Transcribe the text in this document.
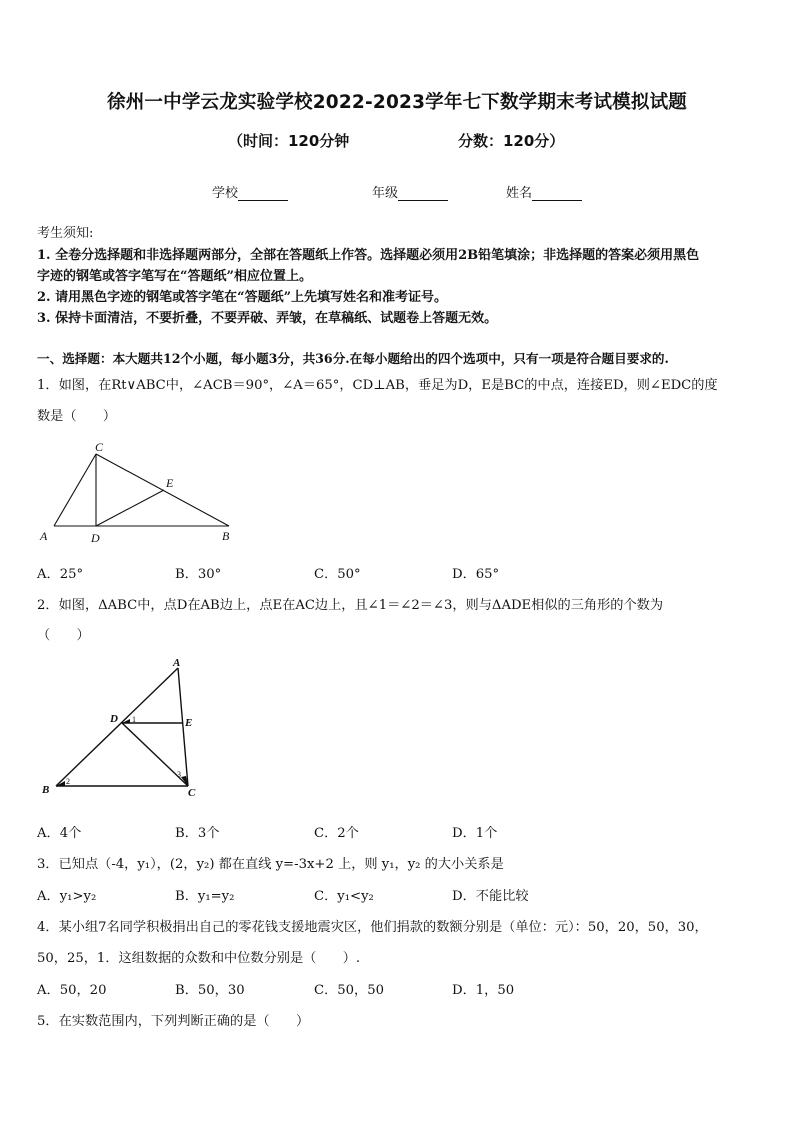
徐州一中学云龙实验学校2022-2023学年七下数学期末考试模拟试题
（时间：120分钟	分数：120分）
学校	年级	姓名
考生须知:
1. 全卷分选择题和非选择题两部分，全部在答题纸上作答。选择题必须用2B铅笔填涂；非选择题的答案必须用黑色
字迹的钢笔或答字笔写在“答题纸”相应位置上。
2. 请用黑色字迹的钢笔或答字笔在“答题纸”上先填写姓名和准考证号。
3. 保持卡面清洁，不要折叠，不要弄破、弄皱，在草稿纸、试题卷上答题无效。
一、选择题：本大题共12个小题，每小题3分，共36分.在每小题给出的四个选项中，只有一项是符合题目要求的.
1．如图，在Rt∨ABC中，∠ACB＝90°，∠A＝65°，CD⊥AB，垂足为D，E是BC的中点，连接ED，则∠EDC的度
数是（　　）
A	D	B
C
E
A．25°	B．30°	C．50°	D．65°
2．如图，ΔABC中，点D在AB边上，点E在AC边上，且∠1＝∠2＝∠3，则与ΔADE相似的三角形的个数为
（　　）
A
D	E
B	C
1
2
3
A．4个	B．3个	C．2个	D．1个
3．已知点（-4，y₁），(2，y₂) 都在直线 y=-3x+2 上，则 y₁，y₂ 的大小关系是
A．y₁>y₂	B．y₁=y₂	C．y₁<y₂	D．不能比较
4．某小组7名同学积极捐出自己的零花钱支援地震灾区，他们捐款的数额分别是（单位：元）：50，20，50，30，
50，25，1．这组数据的众数和中位数分别是（　　）.
A．50，20	B．50，30	C．50，50	D．1，50
5．在实数范围内，下列判断正确的是（　　）
